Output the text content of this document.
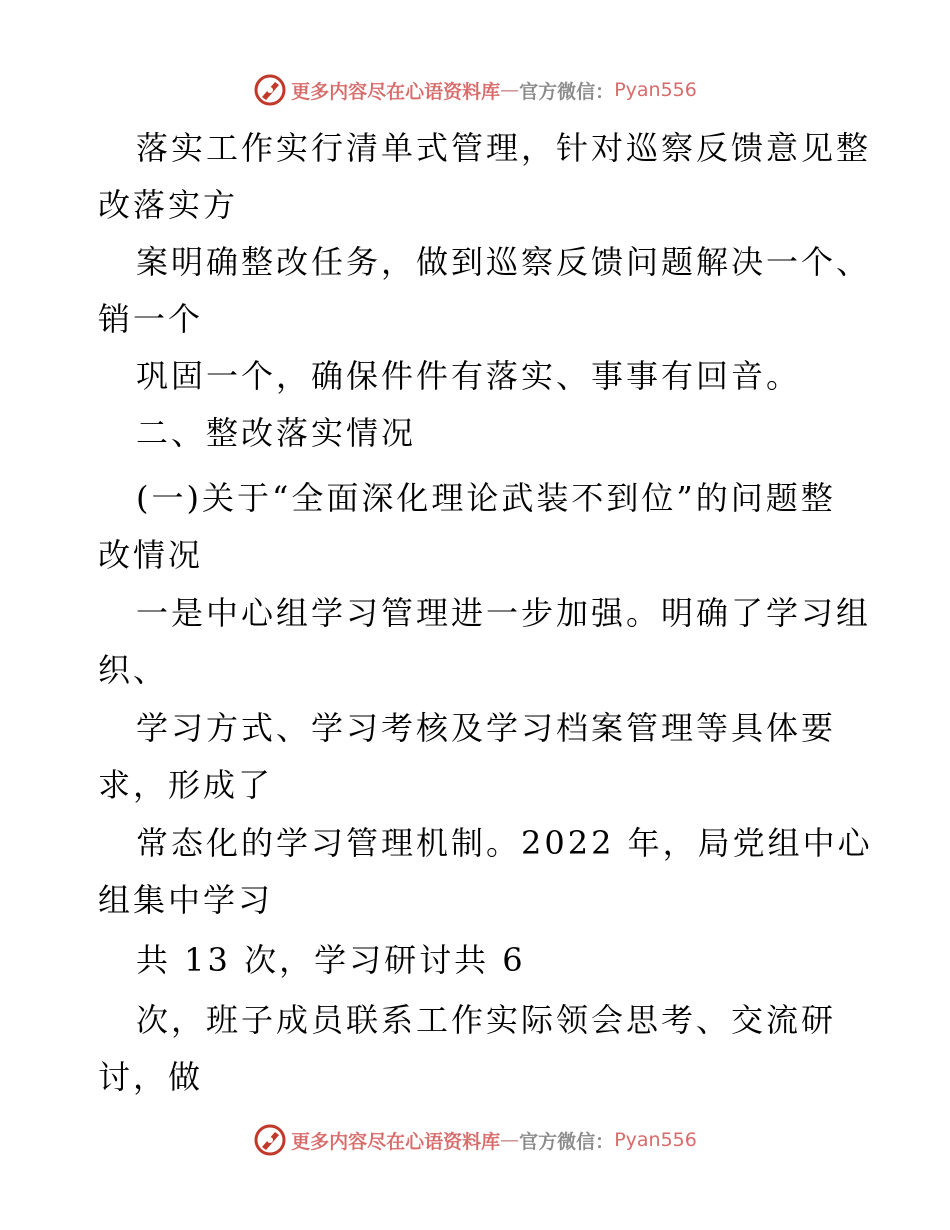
更多内容尽在心语资料库 — 官方微信： Pyan556
落实工作实行清单式管理，针对巡察反馈意见整
改落实方
案明确整改任务，做到巡察反馈问题解决一个、
销一个
巩固一个，确保件件有落实、事事有回音。
二、整改落实情况
(一)关于“全面深化理论武装不到位”的问题整
改情况
一是中心组学习管理进一步加强。明确了学习组
织、
学习方式、学习考核及学习档案管理等具体要
求，形成了
常态化的学习管理机制。2022 年，局党组中心
组集中学习
共 13 次，学习研讨共 6
次，班子成员联系工作实际领会思考、交流研
讨，做
更多内容尽在心语资料库 — 官方微信： Pyan556
